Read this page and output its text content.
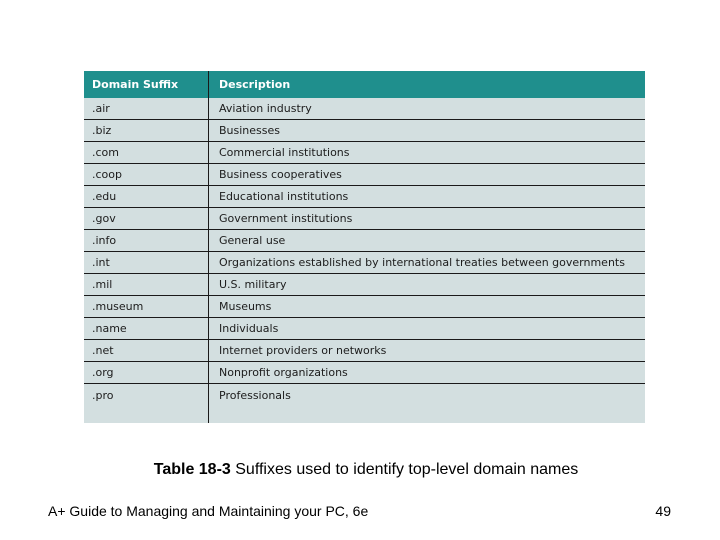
Domain Suffix	Description
.air	Aviation industry
.biz	Businesses
.com	Commercial institutions
.coop	Business cooperatives
.edu	Educational institutions
.gov	Government institutions
.info	General use
.int	Organizations established by international treaties between governments
.mil	U.S. military
.museum	Museums
.name	Individuals
.net	Internet providers or networks
.org	Nonprofit organizations
.pro	Professionals
Table 18-3 Suffixes used to identify top-level domain names
A+ Guide to Managing and Maintaining your PC, 6e	49
